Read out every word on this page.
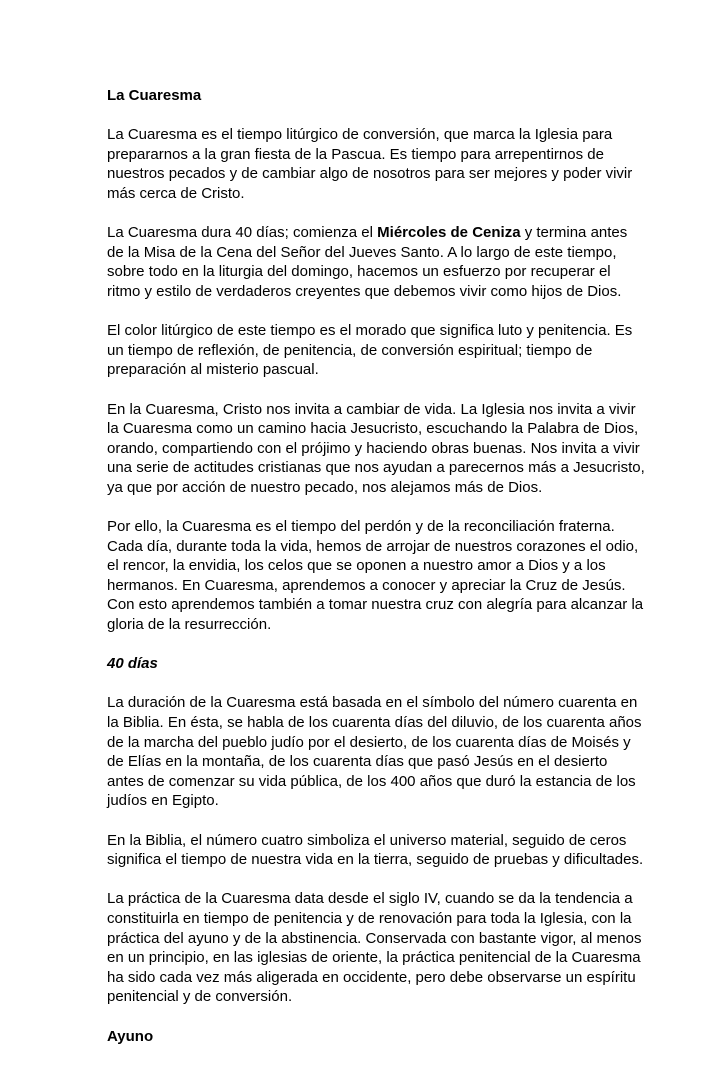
La Cuaresma
La Cuaresma es el tiempo litúrgico de conversión, que marca la Iglesia para prepararnos a la gran fiesta de la Pascua. Es tiempo para arrepentirnos de nuestros pecados y de cambiar algo de nosotros para ser mejores y poder vivir más cerca de Cristo.
La Cuaresma dura 40 días; comienza el Miércoles de Ceniza y termina antes de la Misa de la Cena del Señor del Jueves Santo. A lo largo de este tiempo, sobre todo en la liturgia del domingo, hacemos un esfuerzo por recuperar el ritmo y estilo de verdaderos creyentes que debemos vivir como hijos de Dios.
El color litúrgico de este tiempo es el morado que significa luto y penitencia. Es un tiempo de reflexión, de penitencia, de conversión espiritual; tiempo de preparación al misterio pascual.
En la Cuaresma, Cristo nos invita a cambiar de vida. La Iglesia nos invita a vivir la Cuaresma como un camino hacia Jesucristo, escuchando la Palabra de Dios, orando, compartiendo con el prójimo y haciendo obras buenas. Nos invita a vivir una serie de actitudes cristianas que nos ayudan a parecernos más a Jesucristo, ya que por acción de nuestro pecado, nos alejamos más de Dios.
Por ello, la Cuaresma es el tiempo del perdón y de la reconciliación fraterna. Cada día, durante toda la vida, hemos de arrojar de nuestros corazones el odio, el rencor, la envidia, los celos que se oponen a nuestro amor a Dios y a los hermanos. En Cuaresma, aprendemos a conocer y apreciar la Cruz de Jesús. Con esto aprendemos también a tomar nuestra cruz con alegría para alcanzar la gloria de la resurrección.
40 días
La duración de la Cuaresma está basada en el símbolo del número cuarenta en la Biblia. En ésta, se habla de los cuarenta días del diluvio, de los cuarenta años de la marcha del pueblo judío por el desierto, de los cuarenta días de Moisés y de Elías en la montaña, de los cuarenta días que pasó Jesús en el desierto antes de comenzar su vida pública, de los 400 años que duró la estancia de los judíos en Egipto.
En la Biblia, el número cuatro simboliza el universo material, seguido de ceros significa el tiempo de nuestra vida en la tierra, seguido de pruebas y dificultades.
La práctica de la Cuaresma data desde el siglo IV, cuando se da la tendencia a constituirla en tiempo de penitencia y de renovación para toda la Iglesia, con la práctica del ayuno y de la abstinencia. Conservada con bastante vigor, al menos en un principio, en las iglesias de oriente, la práctica penitencial de la Cuaresma ha sido cada vez más aligerada en occidente, pero debe observarse un espíritu penitencial y de conversión.
Ayuno
